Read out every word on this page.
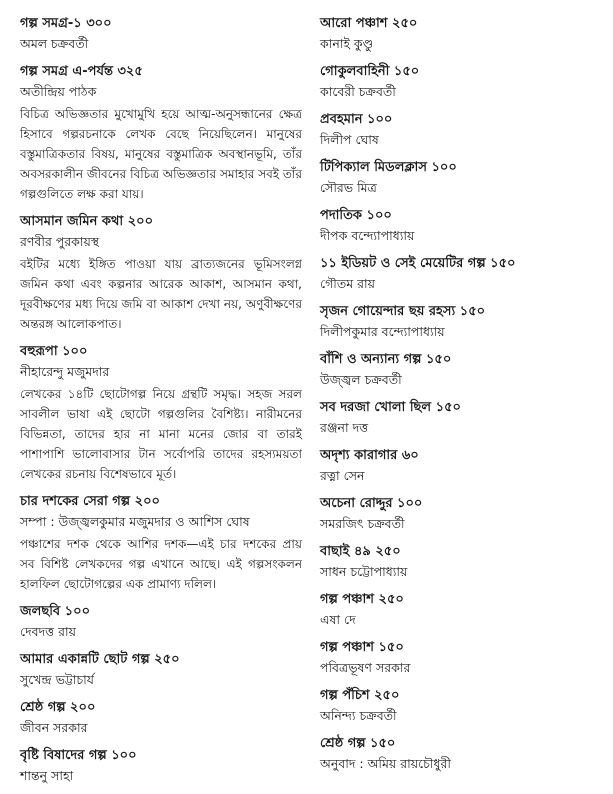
গল্প সমগ্র-১ ৩০০
অমল চক্রবর্তী
গল্প সমগ্র এ-পর্যন্ত ৩২৫
অতীন্দ্রিয় পাঠক
বিচিত্র অভিজ্ঞতার মুখোমুখি হয়ে আত্ম-অনুসন্ধানের ক্ষেত্র হিসাবে গল্পরচনাকে লেখক বেছে নিয়েছিলেন। মানুষের বস্তুমাত্রিকতার বিষয়, মানুষের বস্তুমাত্রিক অবস্থানভূমি, তাঁর অবসরকালীন জীবনের বিচিত্র অভিজ্ঞতার সমাহার সবই তাঁর গল্পগুলিতে লক্ষ করা যায়।
আসমান জমিন কথা ২০০
রণবীর পুরকায়স্থ
বইটির মধ্যে ইঙ্গিত পাওয়া যায় ব্রাত্যজনের ভূমিসংলগ্ন জমিন কথা এবং কল্পনার আরেক আকাশ, আসমান কথা, দূরবীক্ষণের মধ্য দিয়ে জমি বা আকাশ দেখা নয়, অণুবীক্ষণের অন্তরঙ্গ আলোকপাত।
বহুরূপা ১০০
নীহারেন্দু মজুমদার
লেখকের ১৪টি ছোটোগল্প নিয়ে গ্রন্থটি সমৃদ্ধ। সহজ সরল সাবলীল ভাষা এই ছোটো গল্পগুলির বৈশিষ্ট্য। নারীমনের বিভিন্নতা, তাদের হার না মানা মনের জোর বা তারই পাশাপাশি ভালোবাসার টান সর্বোপরি তাদের রহস্যময়তা লেখকের রচনায় বিশেষভাবে মূর্ত।
চার দশকের সেরা গল্প ২০০
সম্পা : উজ্জ্বলকুমার মজুমদার ও আশিস ঘোষ
পঞ্চাশের দশক থেকে আশির দশক—এই চার দশকের প্রায় সব বিশিষ্ট লেখকদের গল্প এখানে আছে। এই গল্পসংকলন হালফিল ছোটোগল্পের এক প্রামাণ্য দলিল।
জলছবি ১০০
দেবদত্ত রায়
আমার একান্নটি ছোট গল্প ২৫০
সুখেন্দ্র ভট্টাচার্য
শ্রেষ্ঠ গল্প ২০০
জীবন সরকার
বৃষ্টি বিষাদের গল্প ১০০
শান্তনু সাহা
আরো পঞ্চাশ ২৫০
কানাই কুণ্ডু
গোকুলবাহিনী ১৫০
কাবেরী চক্রবর্তী
প্রবহমান ১০০
দিলীপ ঘোষ
টিপিক্যাল মিডলক্লাস ১০০
সৌরভ মিত্র
পদাতিক ১০০
দীপক বন্দ্যোপাধ্যায়
১১ ইডিয়ট ও সেই মেয়েটির গল্প ১৫০
গৌতম রায়
সৃজন গোয়েন্দার ছয় রহস্য ১৫০
দিলীপকুমার বন্দ্যোপাধ্যায়
বাঁশি ও অন্যান্য গল্প ১৫০
উজ্জ্বল চক্রবর্তী
সব দরজা খোলা ছিল ১৫০
রঞ্জনা দত্ত
অদৃশ্য কারাগার ৬০
রত্না সেন
অচেনা রোদ্দুর ১০০
সমরজিৎ চক্রবর্তী
বাছাই ৪৯ ২৫০
সাধন চট্টোপাধ্যায়
গল্প পঞ্চাশ ২৫০
এষা দে
গল্প পঞ্চাশ ১৫০
পবিত্রভূষণ সরকার
গল্প পঁচিশ ২৫০
অনিন্দ্য চক্রবর্তী
শ্রেষ্ঠ গল্প ১৫০
অনুবাদ : অমিয় রায়চৌধুরী
